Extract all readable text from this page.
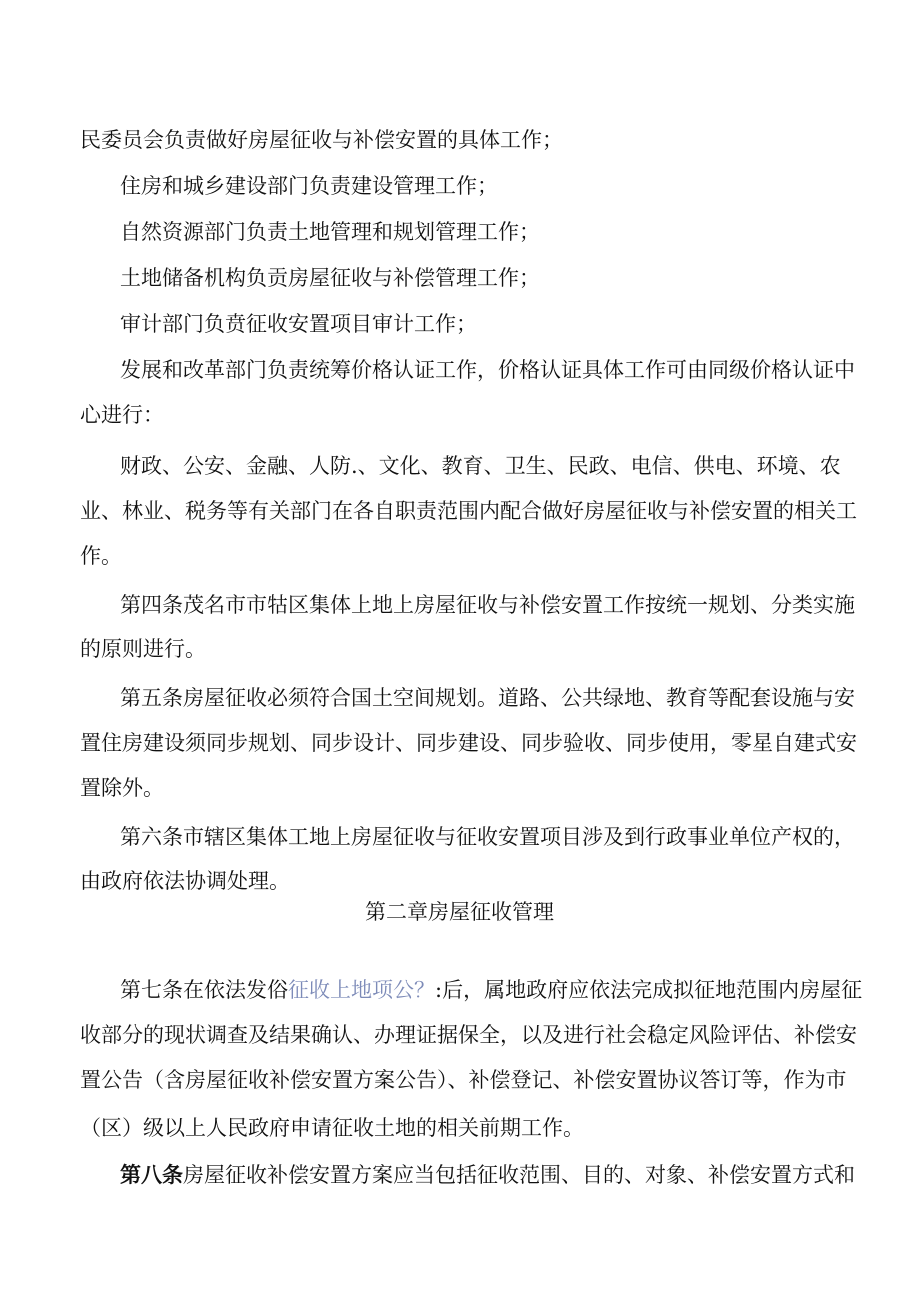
民委员会负责做好房屋征收与补偿安置的具体工作；
住房和城乡建设部门负责建设管理工作；
自然资源部门负责土地管理和规划管理工作；
土地储备机构负贡房屋征收与补偿管理工作；
审计部门负贲征收安置项目审计工作；
发展和改革部门负责统筹价格认证工作，价格认证具体工作可由同级价格认证中
心进行：
财政、公安、金融、人防.、文化、教育、卫生、民政、电信、供电、环境、农
业、林业、税务等有关部门在各自职责范围内配合做好房屋征收与补偿安置的相关工
作。
第四条茂名市市牯区集体上地上房屋征收与补偿安置工作按统一规划、分类实施
的原则进行。
第五条房屋征收必须符合国土空间规划。道路、公共绿地、教育等配套设施与安
置住房建设须同步规划、同步设计、同步建设、同步验收、同步使用，零星自建式安
置除外。
第六条市辖区集体工地上房屋征收与征收安置项目涉及到行政事业单位产权的，
由政府依法协调处理。
第二章房屋征收管理
第七条在依法发俗征收上地项公？:后，属地政府应依法完成拟征地范围内房屋征
收部分的现状调查及结果确认、办理证据保全，以及进行社会稳定风险评估、补偿安
置公告（含房屋征收补偿安置方案公告）、补偿登记、补偿安置协议答订等，作为市
（区）级以上人民政府申请征收土地的相关前期工作。
第八条房屋征收补偿安置方案应当包括征收范围、目的、对象、补偿安置方式和
